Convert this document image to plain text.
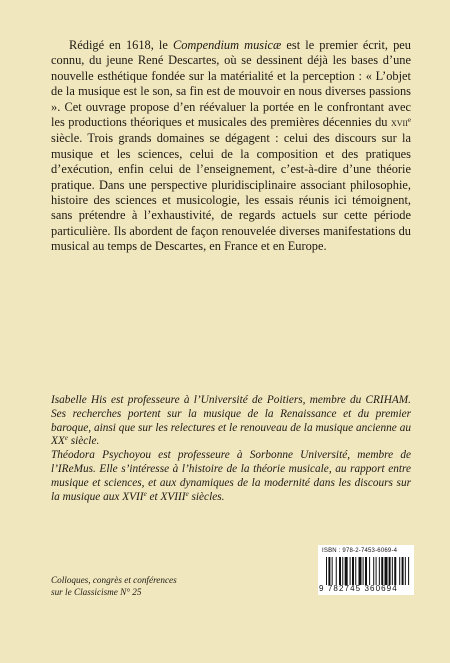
Rédigé en 1618, le Compendium musicæ est le premier écrit, peu connu, du jeune René Descartes, où se dessinent déjà les bases d’une nouvelle esthétique fondée sur la matérialité et la perception : « L’objet de la musique est le son, sa fin est de mouvoir en nous diverses passions ». Cet ouvrage propose d’en réévaluer la portée en le confrontant avec les productions théoriques et musicales des premières décennies du xvii$^e$ siècle. Trois grands domaines se dégagent : celui des discours sur la musique et les sciences, celui de la composition et des pratiques d’exécution, enfin celui de l’enseignement, c’est-à-dire d’une théorie pratique. Dans une perspective pluridisciplinaire associant philosophie, histoire des sciences et musicologie, les essais réunis ici témoignent, sans prétendre à l’exhaustivité, de regards actuels sur cette période particulière. Ils abordent de façon renouvelée diverses manifestations du musical au temps de Descartes, en France et en Europe.

Isabelle His est professeure à l’Université de Poitiers, membre du CRIHAM. Ses recherches portent sur la musique de la Renaissance et du premier baroque, ainsi que sur les relectures et le renouveau de la musique ancienne au XXe siècle.

Théodora Psychoyou est professeure à Sorbonne Université, membre de l’IReMus. Elle s’intéresse à l’histoire de la théorie musicale, au rapport entre musique et sciences, et aux dynamiques de la modernité dans les discours sur la musique aux XVIIe et XVIIIe siècles.

Colloques, congrès et conférences
sur le Classicisme N° 25
ISBN : 978-2-7453-6069-4
9 782745 360694
